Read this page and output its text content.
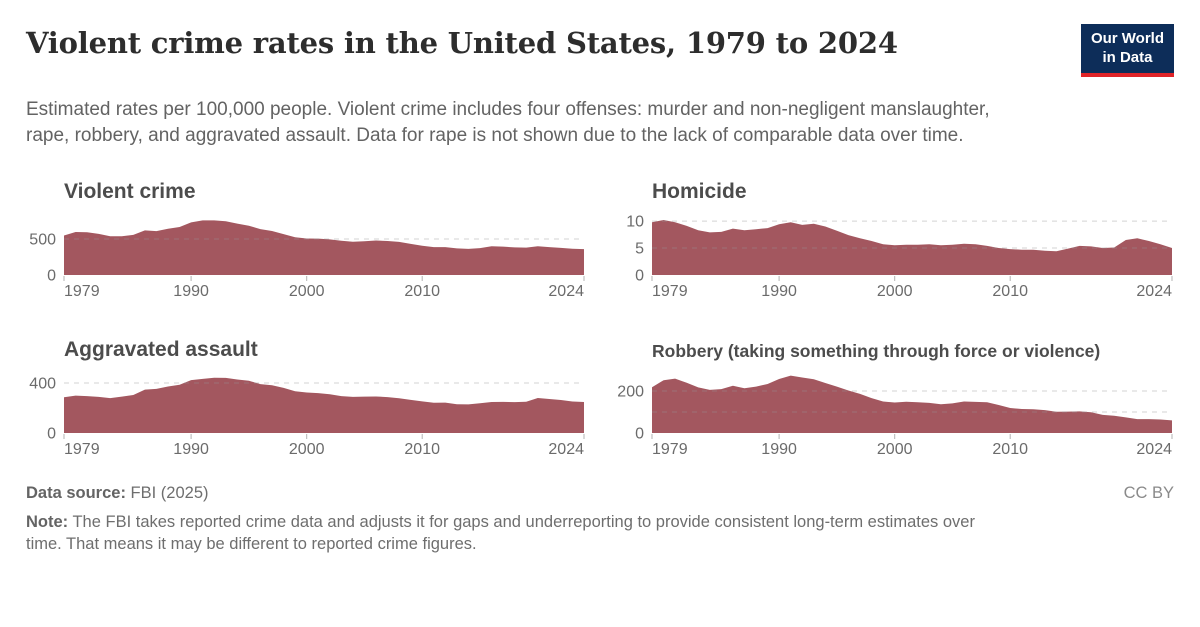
Violent crime rates in the United States, 1979 to 2024	Our World
in Data

Estimated rates per 100,000 people. Violent crime includes four offenses: murder and non-negligent manslaughter, rape, robbery, and aggravated assault. Data for rape is not shown due to the lack of comparable data over time.

Violent crime
0
500
1979	1990	2000	2010	2024
Homicide
0
5
10
1979	1990	2000	2010	2024
Aggravated assault
0
400
1979	1990	2000	2010	2024
Robbery (taking something through force or violence)
0
200
1979	1990	2000	2010	2024
Data source: FBI (2025)	CC BY

Note: The FBI takes reported crime data and adjusts it for gaps and underreporting to provide consistent long-term estimates over time. That means it may be different to reported crime figures.
